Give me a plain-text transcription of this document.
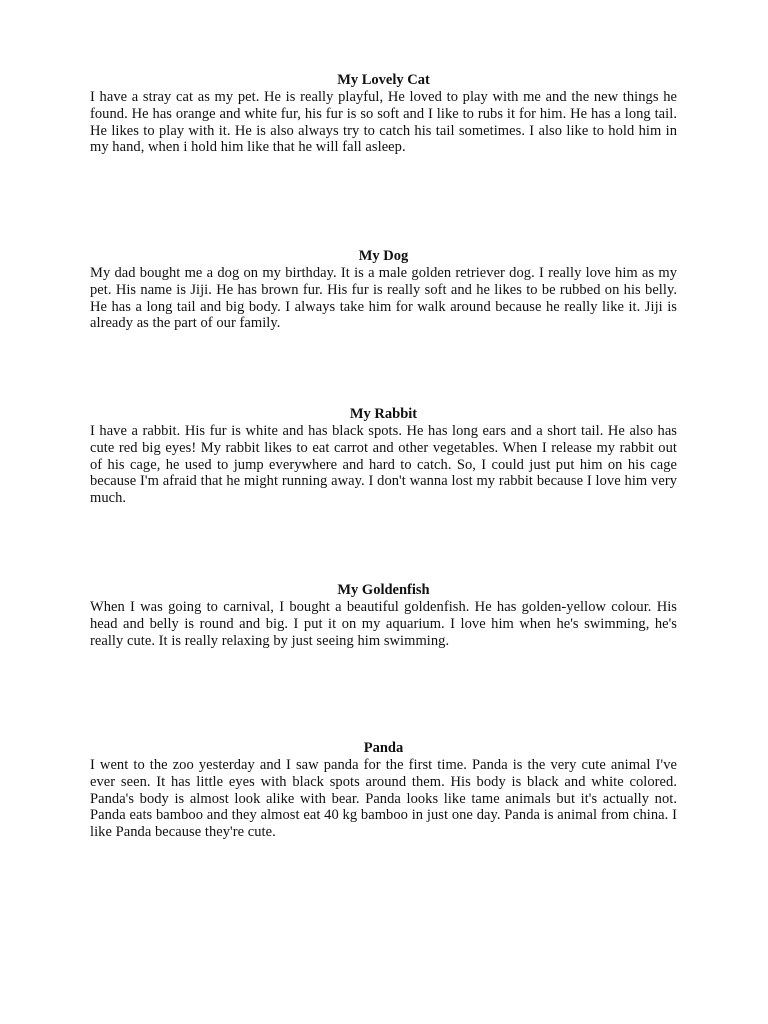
My Lovely Cat

I have a stray cat as my pet. He is really playful, He loved to play with me and the new things he found. He has orange and white fur, his fur is so soft and I like to rubs it for him. He has a long tail. He likes to play with it. He is also always try to catch his tail sometimes. I also like to hold him in my hand, when i hold him like that he will fall asleep.

My Dog

My dad bought me a dog on my birthday. It is a male golden retriever dog. I really love him as my pet. His name is Jiji. He has brown fur. His fur is really soft and he likes to be rubbed on his belly. He has a long tail and big body. I always take him for walk around because he really like it. Jiji is already as the part of our family.

My Rabbit

I have a rabbit. His fur is white and has black spots. He has long ears and a short tail. He also has cute red big eyes! My rabbit likes to eat carrot and other vegetables. When I release my rabbit out of his cage, he used to jump everywhere and hard to catch. So, I could just put him on his cage because I'm afraid that he might running away. I don't wanna lost my rabbit because I love him very much.

My Goldenfish

When I was going to carnival, I bought a beautiful goldenfish. He has golden-yellow colour. His head and belly is round and big. I put it on my aquarium. I love him when he's swimming, he's really cute. It is really relaxing by just seeing him swimming.

Panda

I went to the zoo yesterday and I saw panda for the first time. Panda is the very cute animal I've ever seen. It has little eyes with black spots around them. His body is black and white colored. Panda's body is almost look alike with bear. Panda looks like tame animals but it's actually not. Panda eats bamboo and they almost eat 40 kg bamboo in just one day. Panda is animal from china. I like Panda because they're cute.
